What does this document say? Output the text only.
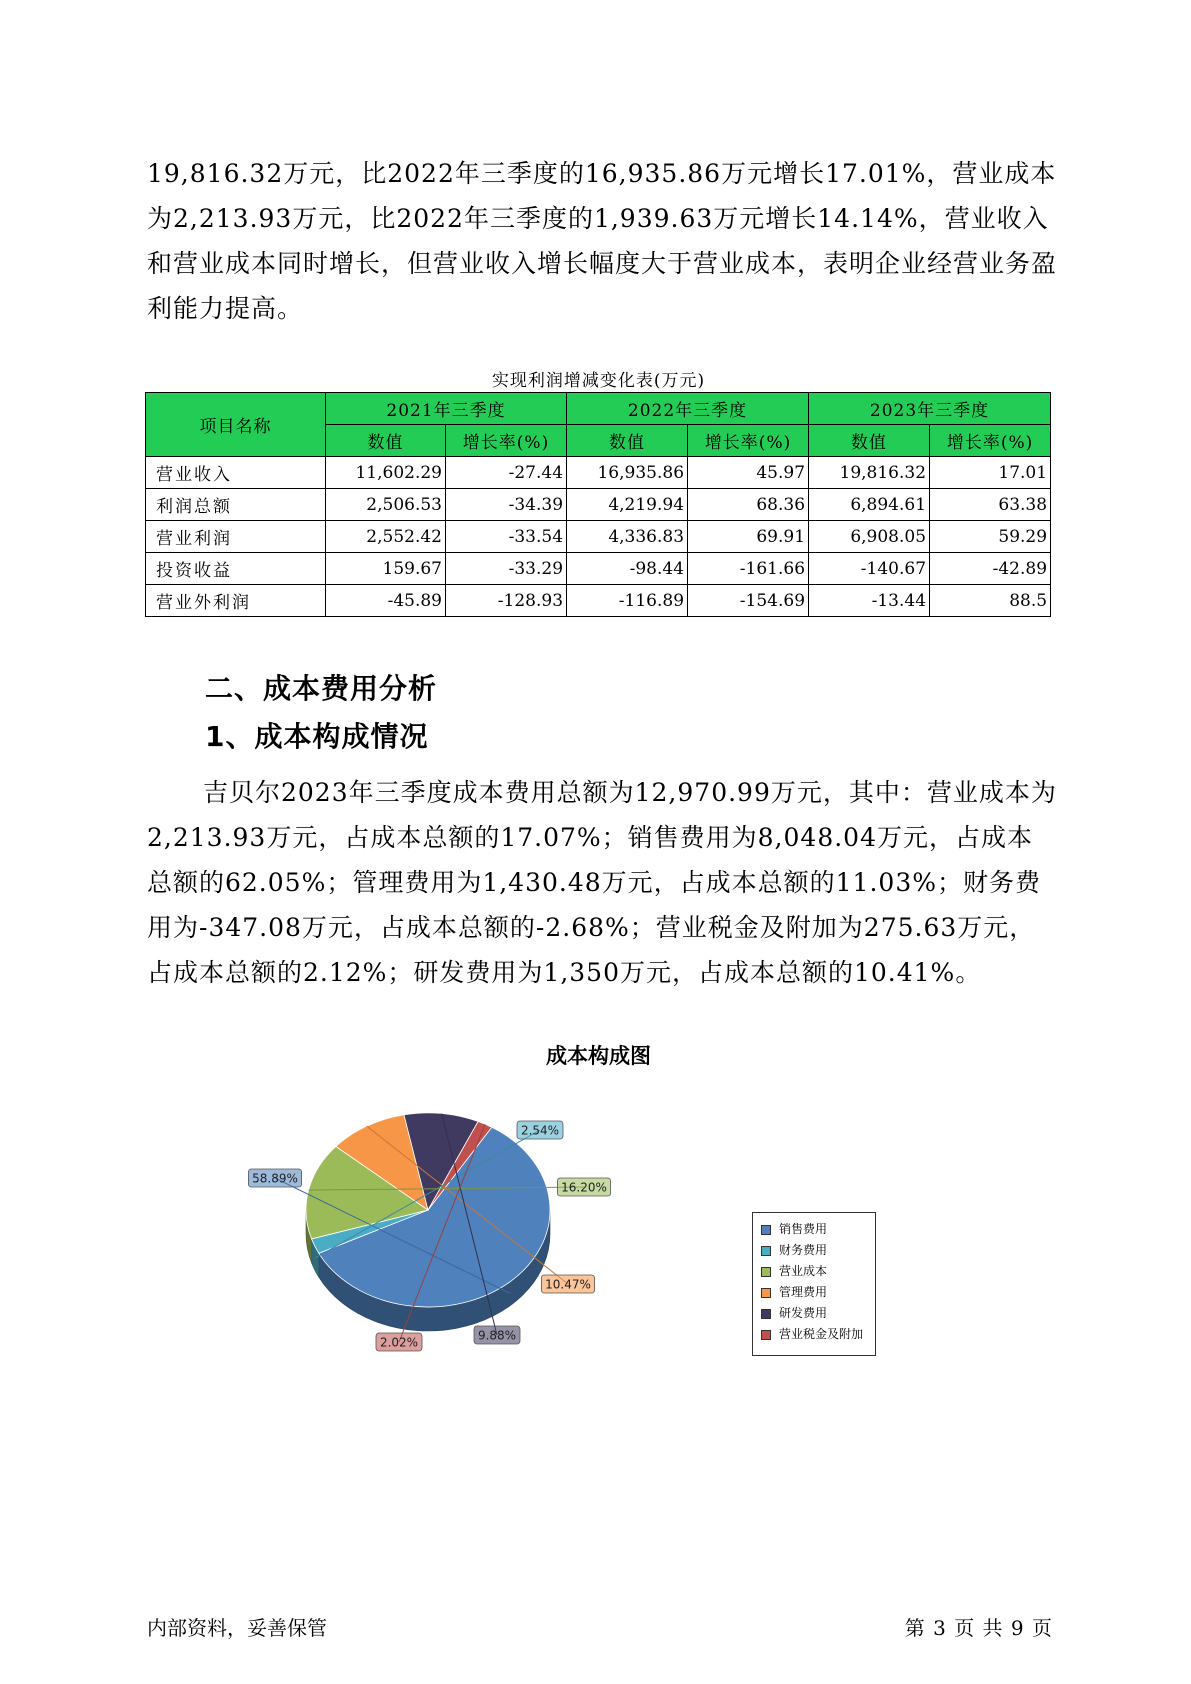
19,816.32万元，比2022年三季度的16,935.86万元增长17.01%，营业成本为2,213.93万元，比2022年三季度的1,939.63万元增长14.14%，营业收入和营业成本同时增长，但营业收入增长幅度大于营业成本，表明企业经营业务盈利能力提高。

实现利润增减变化表(万元)
项目名称	2021年三季度		2022年三季度		2023年三季度	
	数值	增长率(%)	数值	增长率(%)	数值	增长率(%)
营业收入	11,602.29	-27.44	16,935.86	45.97	19,816.32	17.01
利润总额	2,506.53	-34.39	4,219.94	68.36	6,894.61	63.38
营业利润	2,552.42	-33.54	4,336.83	69.91	6,908.05	59.29
投资收益	159.67	-33.29	-98.44	-161.66	-140.67	-42.89
营业外利润	-45.89	-128.93	-116.89	-154.69	-13.44	88.5
二、成本费用分析
1、成本构成情况

吉贝尔2023年三季度成本费用总额为12,970.99万元，其中：营业成本为2,213.93万元，占成本总额的17.07%；销售费用为8,048.04万元，占成本总额的62.05%；管理费用为1,430.48万元，占成本总额的11.03%；财务费用为-347.08万元，占成本总额的-2.68%；营业税金及附加为275.63万元，占成本总额的2.12%；研发费用为1,350万元，占成本总额的10.41%。

成本构成图
58.89%
2.54%
16.20%
10.47%
9.88%
2.02%
销售费用
财务费用
营业成本
管理费用
研发费用
营业税金及附加
内部资料，妥善保管	第 3 页 共 9 页
